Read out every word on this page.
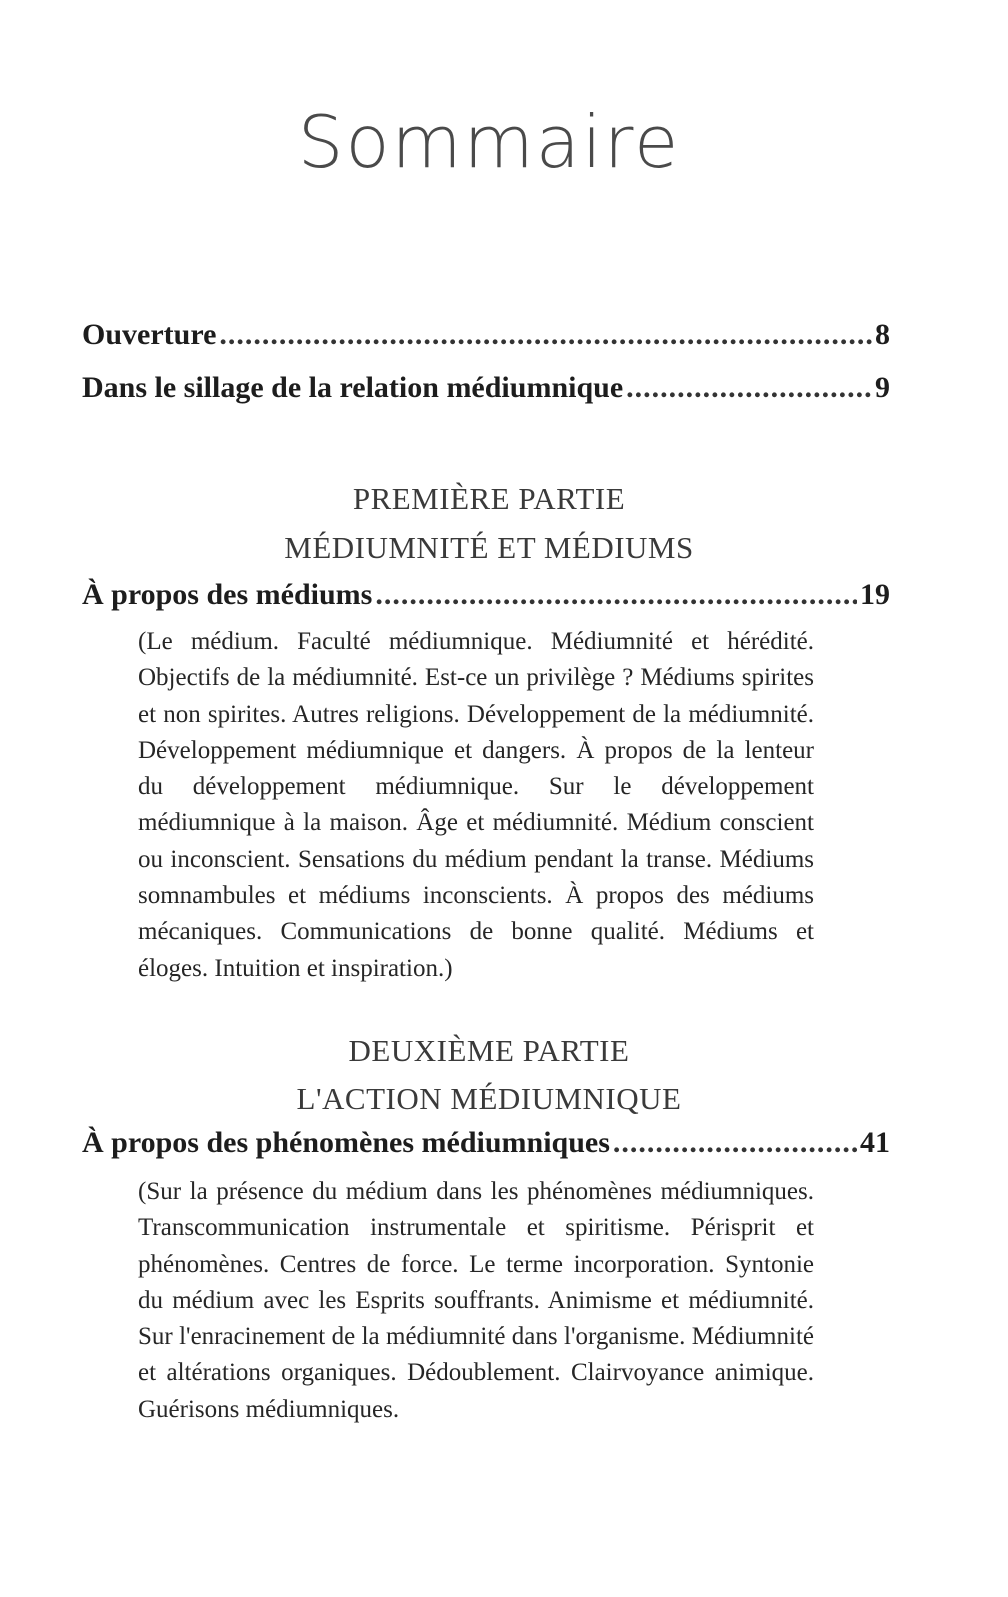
Sommaire
Ouverture .....	8
Dans le sillage de la relation médiumnique .....	9
PREMIÈRE PARTIE
MÉDIUMNITÉ ET MÉDIUMS
À propos des médiums .....	19
(Le médium. Faculté médiumnique. Médiumnité et hérédité. Objectifs de la médiumnité. Est-ce un privilège ? Médiums spirites et non spirites. Autres religions. Développement de la médiumnité. Développement médiumnique et dangers. À propos de la lenteur du développement médiumnique. Sur le développement médiumnique à la maison. Âge et médiumnité. Médium conscient ou inconscient. Sensations du médium pendant la transe. Médiums somnambules et médiums inconscients. À propos des médiums mécaniques. Communications de bonne qualité. Médiums et éloges. Intuition et inspiration.)
DEUXIÈME PARTIE
L'ACTION MÉDIUMNIQUE
À propos des phénomènes médiumniques .....	41
(Sur la présence du médium dans les phénomènes médiumniques. Transcommunication instrumentale et spiritisme. Périsprit et phénomènes. Centres de force. Le terme incorporation. Syntonie du médium avec les Esprits souffrants. Animisme et médiumnité. Sur l'enracinement de la médiumnité dans l'organisme. Médiumnité et altérations organiques. Dédoublement. Clairvoyance animique. Guérisons médiumniques.
